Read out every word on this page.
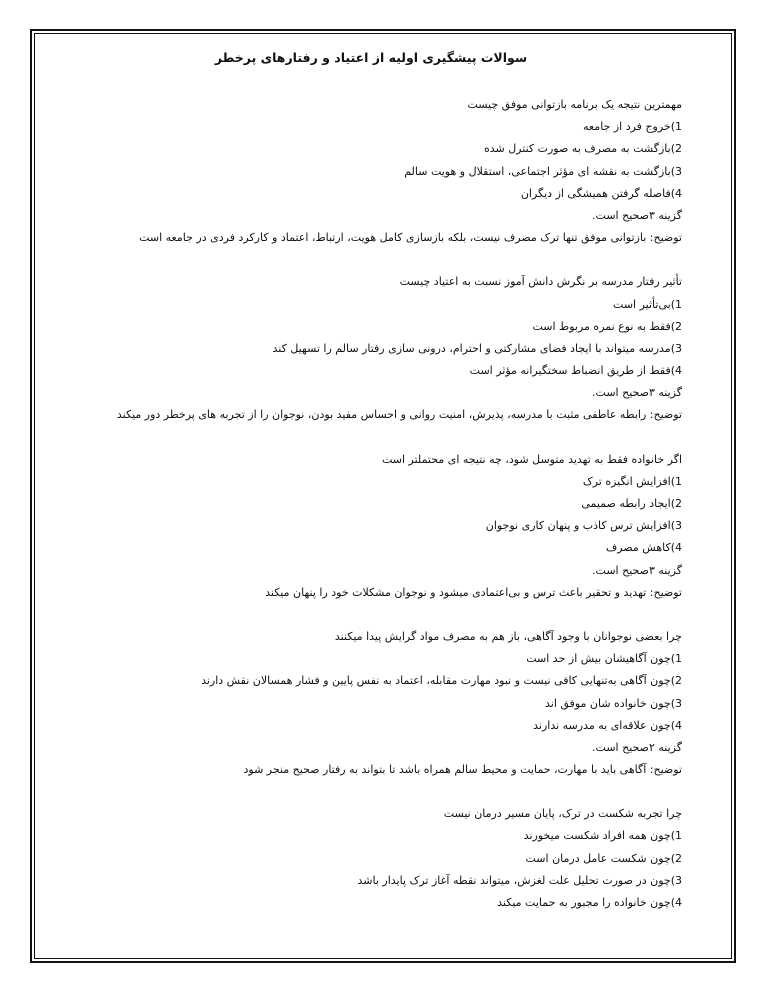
سوالات پیشگیری اولیه از اعتیاد و رفتارهای پرخطر
مهمترین نتیجه یک برنامه بازتوانی موفق چیست
1)خروج فرد از جامعه
2)بازگشت به مصرف به صورت کنترل شده
3)بازگشت به نقشه ای مؤثر اجتماعی، استقلال و هویت سالم
4)فاصله گرفتن همیشگی از دیگران
گزینه ۳صحیح است.
توضیح: بازتوانی موفق تنها ترک مصرف نیست، بلکه بازسازی کامل هویت، ارتباط، اعتماد و کارکرد فردی در جامعه است
تأثیر رفتار مدرسه بر نگرش دانش آموز نسبت به اعتیاد چیست
1)بی‌تأثیر است
2)فقط به نوع نمره مربوط است
3)مدرسه میتواند با ایجاد فضای مشارکتی و احترام، درونی سازی رفتار سالم را تسهیل کند
4)فقط از طریق انضباط سختگیرانه مؤثر است
گزینه ۳صحیح است.
توضیح: رابطه عاطفی مثبت با مدرسه، پذیرش، امنیت روانی و احساس مفید بودن، نوجوان را از تجربه های پرخطر دور میکند
اگر خانواده فقط به تهدید متوسل شود، چه نتیجه ای محتملتر است
1)افزایش انگیزه ترک
2)ایجاد رابطه صمیمی
3)افزایش ترس کاذب و پنهان کاری نوجوان
4)کاهش مصرف
گزینه ۳صحیح است.
توضیح: تهدید و تحقیر باعث ترس و بی‌اعتمادی میشود و نوجوان مشکلات خود را پنهان میکند
چرا بعضی نوجوانان با وجود آگاهی، باز هم به مصرف مواد گرایش پیدا میکنند
1)چون آگاهیشان بیش از حد است
2)چون آگاهی به‌تنهایی کافی نیست و نبود مهارت مقابله، اعتماد به نفس پایین و فشار همسالان نقش دارند
3)چون خانواده شان موفق اند
4)چون علاقه‌ای به مدرسه ندارند
گزینه ۲صحیح است.
توضیح: آگاهی باید با مهارت، حمایت و محیط سالم همراه باشد تا بتواند به رفتار صحیح منجر شود
چرا تجربه شکست در ترک، پایان مسیر درمان نیست
1)چون همه افراد شکست میخورند
2)چون شکست عامل درمان است
3)چون در صورت تحلیل علت لغزش، میتواند نقطه آغاز ترک پایدار باشد
4)چون خانواده را مجبور به حمایت میکند
